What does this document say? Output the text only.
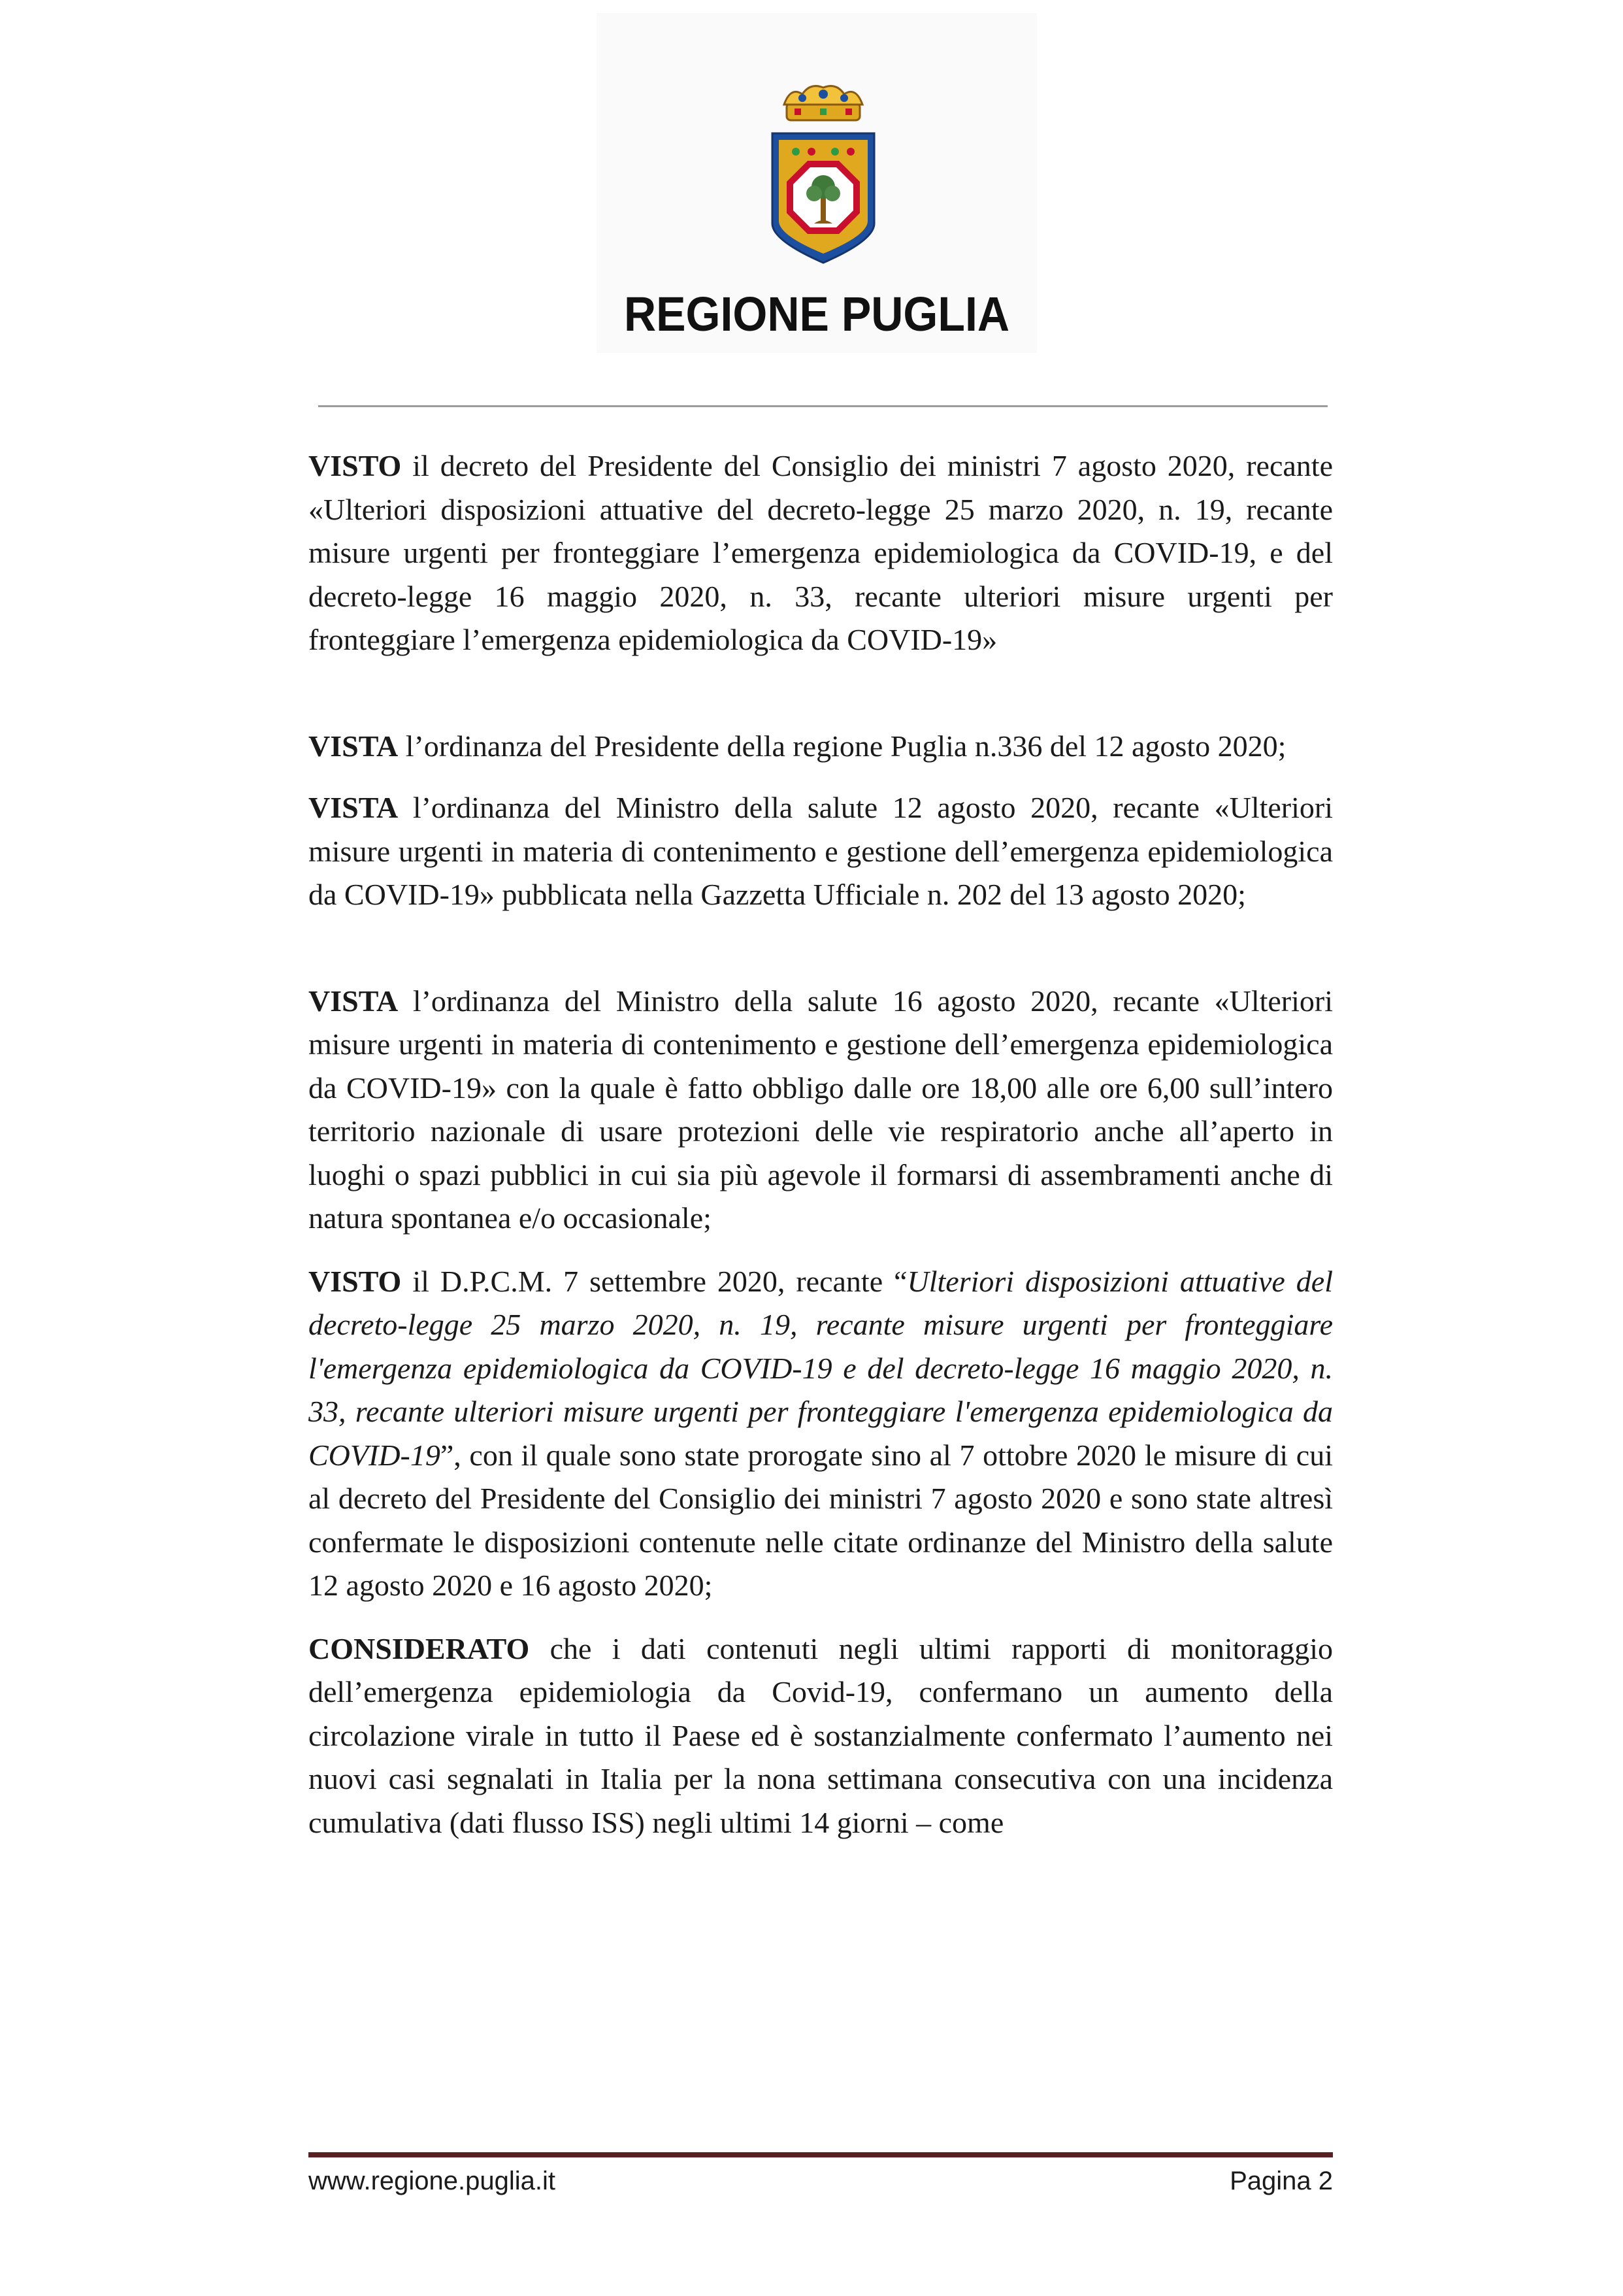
REGIONE PUGLIA

VISTO il decreto del Presidente del Consiglio dei ministri 7 agosto 2020, recante «Ulteriori disposizioni attuative del decreto-legge 25 marzo 2020, n. 19, recante misure urgenti per fronteggiare l’emergenza epidemiologica da COVID-19, e del decreto-legge 16 maggio 2020, n. 33, recante ulteriori misure urgenti per fronteggiare l’emergenza epidemiologica da COVID-19»

VISTA l’ordinanza del Presidente della regione Puglia n.336 del 12 agosto 2020;

VISTA l’ordinanza del Ministro della salute 12 agosto 2020, recante «Ulteriori misure urgenti in materia di contenimento e gestione dell’emergenza epidemiologica da COVID-19» pubblicata nella Gazzetta Ufficiale n. 202 del 13 agosto 2020;

VISTA l’ordinanza del Ministro della salute 16 agosto 2020, recante «Ulteriori misure urgenti in materia di contenimento e gestione dell’emergenza epidemiologica da COVID-19» con la quale è fatto obbligo dalle ore 18,00 alle ore 6,00 sull’intero territorio nazionale di usare protezioni delle vie respiratorio anche all’aperto in luoghi o spazi pubblici in cui sia più agevole il formarsi di assembramenti anche di natura spontanea e/o occasionale;

VISTO il D.P.C.M. 7 settembre 2020, recante “Ulteriori disposizioni attuative del decreto-legge 25 marzo 2020, n. 19, recante misure urgenti per fronteggiare l'emergenza epidemiologica da COVID-19 e del decreto-legge 16 maggio 2020, n. 33, recante ulteriori misure urgenti per fronteggiare l'emergenza epidemiologica da COVID-19”, con il quale sono state prorogate sino al 7 ottobre 2020 le misure di cui al decreto del Presidente del Consiglio dei ministri 7 agosto 2020 e sono state altresì confermate le disposizioni contenute nelle citate ordinanze del Ministro della salute 12 agosto 2020 e 16 agosto 2020;

CONSIDERATO che i dati contenuti negli ultimi rapporti di monitoraggio dell’emergenza epidemiologia da Covid-19, confermano un aumento della circolazione virale in tutto il Paese ed è sostanzialmente confermato l’aumento nei nuovi casi segnalati in Italia per la nona settimana consecutiva con una incidenza cumulativa (dati flusso ISS) negli ultimi 14 giorni – come

www.regione.puglia.it	Pagina 2
